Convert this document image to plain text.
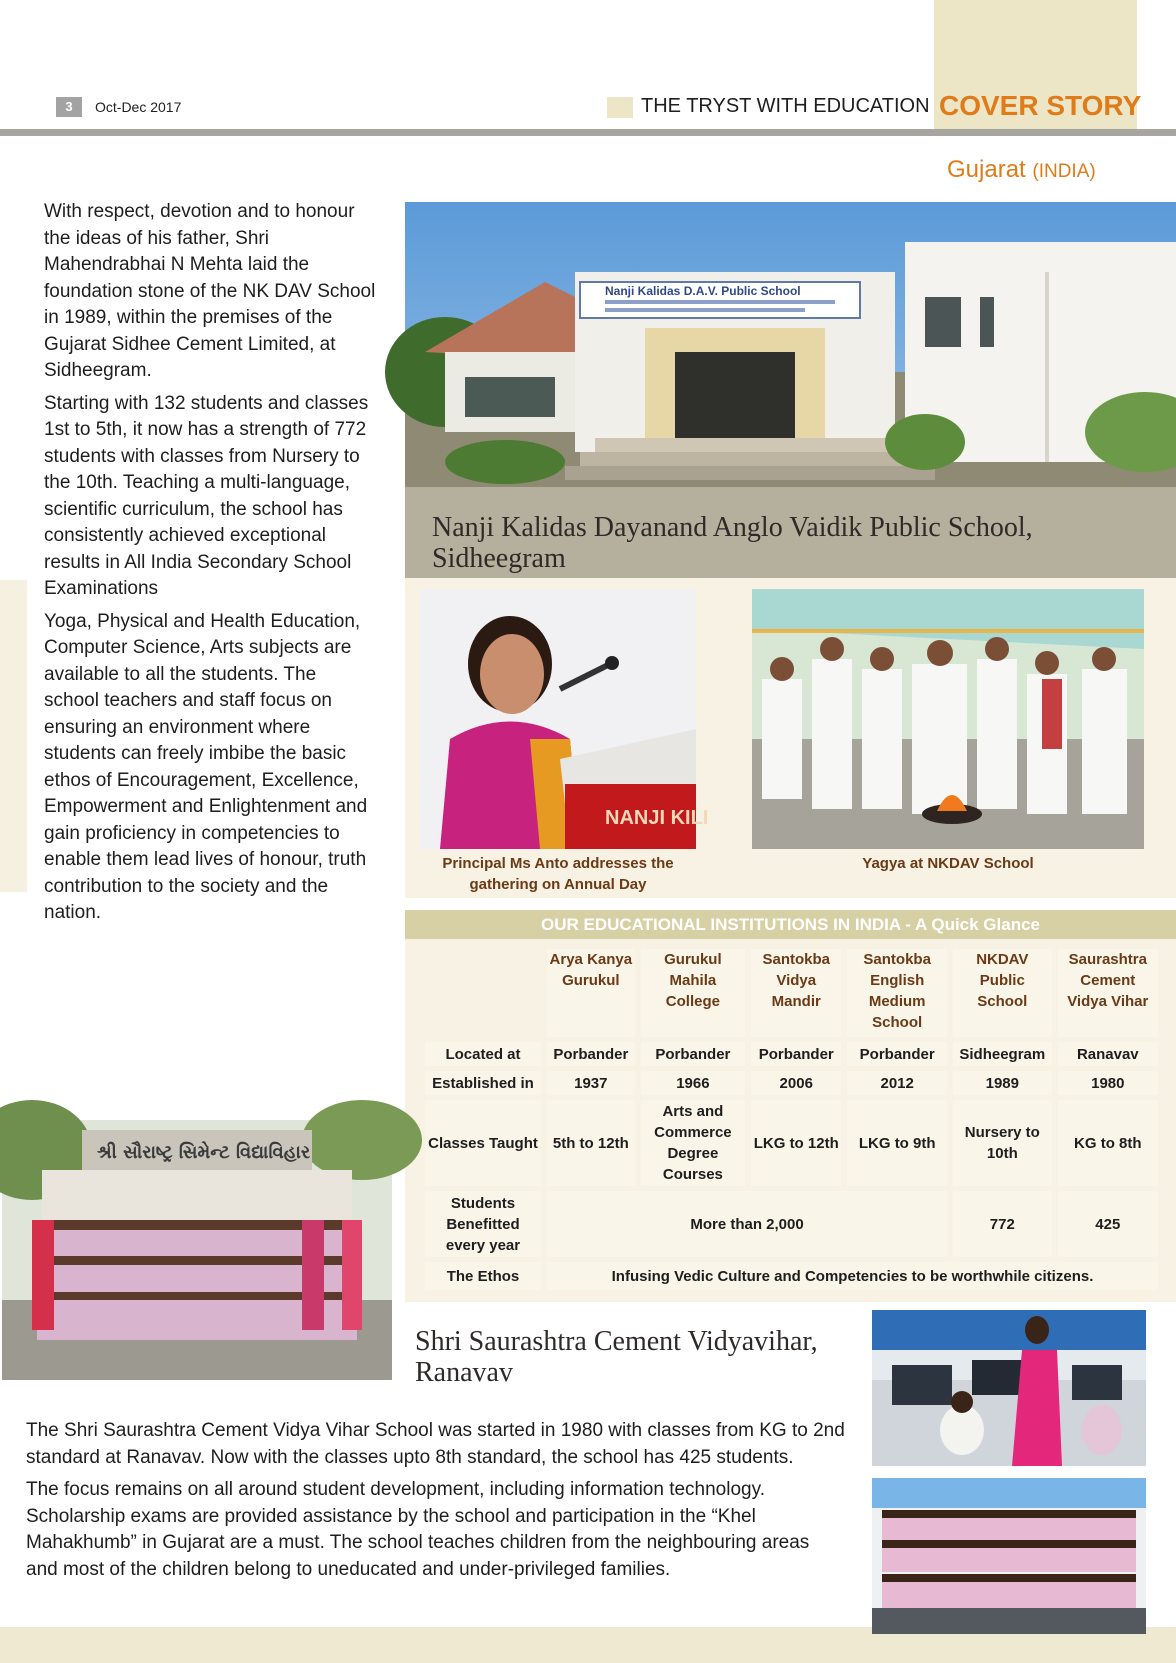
3	Oct-Dec 2017	THE TRYST WITH EDUCATION COVER STORY
Gujarat (INDIA)

With respect, devotion and to honour the ideas of his father, Shri Mahendrabhai N Mehta laid the foundation stone of the NK DAV School in 1989, within the premises of the Gujarat Sidhee Cement Limited, at Sidheegram.

Starting with 132 students and classes 1st to 5th, it now has a strength of 772 students with classes from Nursery to the 10th. Teaching a multi-language, scientific curriculum, the school has consistently achieved exceptional results in All India Secondary School Examinations

Yoga, Physical and Health Education, Computer Science, Arts subjects are available to all the students. The school teachers and staff focus on ensuring an environment where students can freely imbibe the basic ethos of Encouragement, Excellence, Empowerment and Enlightenment and gain proficiency in competencies to enable them lead lives of honour, truth contribution to the society and the nation.

Nanji Kalidas D.A.V. Public School
Nanji Kalidas Dayanand Anglo Vaidik Public School, Sidheegram
NANJI KILI
Principal Ms Anto addresses the gathering on Annual Day
Yagya at NKDAV School
OUR EDUCATIONAL INSTITUTIONS IN INDIA - A Quick Glance
	Arya Kanya Gurukul	Gurukul Mahila College	Santokba Vidya Mandir	Santokba English Medium School	NKDAV Public School	Saurashtra Cement Vidya Vihar
Located at	Porbander	Porbander	Porbander	Porbander	Sidheegram	Ranavav
Established in	1937	1966	2006	2012	1989	1980
Classes Taught	5th to 12th	Arts and Commerce Degree Courses	LKG to 12th	LKG to 9th	Nursery to 10th	KG to 8th
Students Benefitted every year	More than 2,000				772	425
The Ethos	Infusing Vedic Culture and Competencies to be worthwhile citizens.					
શ્રી સૌરાષ્ટ્ર સિમેન્ટ વિદ્યાવિહાર
Shri Saurashtra Cement Vidyavihar, Ranavav

The Shri Saurashtra Cement Vidya Vihar School was started in 1980 with classes from KG to 2nd standard at Ranavav. Now with the classes upto 8th standard, the school has 425 students.

The focus remains on all around student development, including information technology. Scholarship exams are provided assistance by the school and participation in the “Khel Mahakhumb” in Gujarat are a must. The school teaches children from the neighbouring areas and most of the children belong to uneducated and under-privileged families.
